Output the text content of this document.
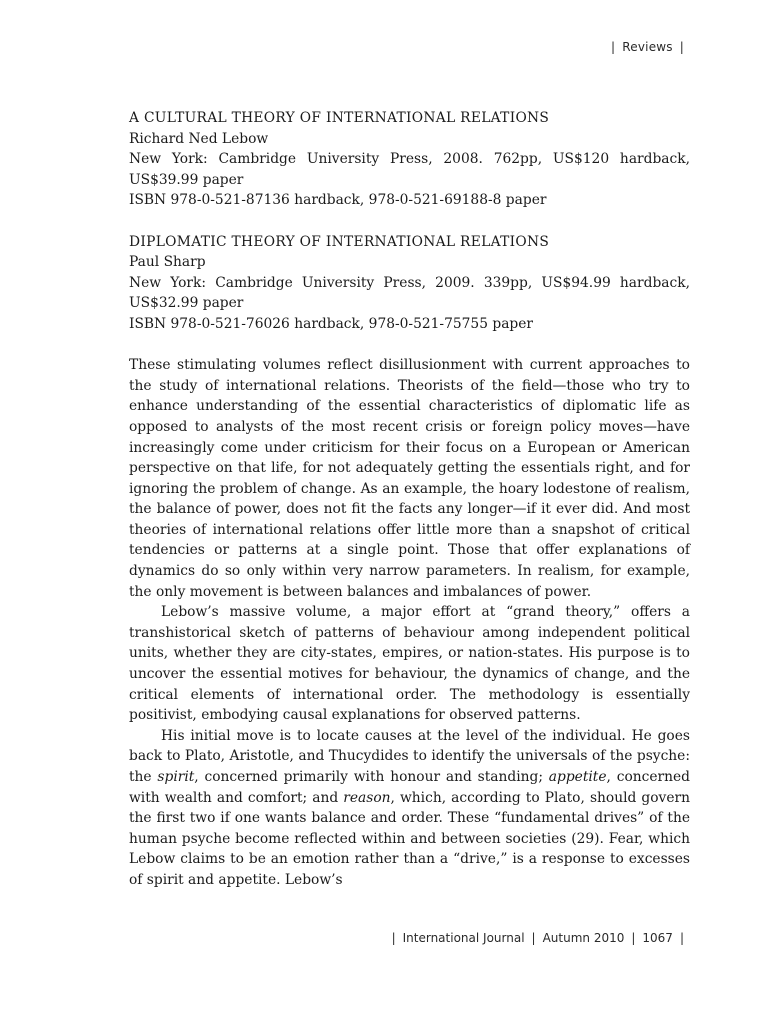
| Reviews |
A CULTURAL THEORY OF INTERNATIONAL RELATIONS
Richard Ned Lebow
New York: Cambridge University Press, 2008. 762pp, US$120 hardback, US$39.99 paper
ISBN 978-0-521-87136 hardback, 978-0-521-69188-8 paper
DIPLOMATIC THEORY OF INTERNATIONAL RELATIONS
Paul Sharp
New York: Cambridge University Press, 2009. 339pp, US$94.99 hardback, US$32.99 paper
ISBN 978-0-521-76026 hardback, 978-0-521-75755 paper

These stimulating volumes reflect disillusionment with current approaches to the study of international relations. Theorists of the field—those who try to enhance understanding of the essential characteristics of diplomatic life as opposed to analysts of the most recent crisis or foreign policy moves—have increasingly come under criticism for their focus on a European or American perspective on that life, for not adequately getting the essentials right, and for ignoring the problem of change. As an example, the hoary lodestone of realism, the balance of power, does not fit the facts any longer—if it ever did. And most theories of international relations offer little more than a snapshot of critical tendencies or patterns at a single point. Those that offer explanations of dynamics do so only within very narrow parameters. In realism, for example, the only movement is between balances and imbalances of power.

Lebow’s massive volume, a major effort at “grand theory,” offers a transhistorical sketch of patterns of behaviour among independent political units, whether they are city-states, empires, or nation-states. His purpose is to uncover the essential motives for behaviour, the dynamics of change, and the critical elements of international order. The methodology is essentially positivist, embodying causal explanations for observed patterns.

His initial move is to locate causes at the level of the individual. He goes back to Plato, Aristotle, and Thucydides to identify the universals of the psyche: the spirit, concerned primarily with honour and standing; appetite, concerned with wealth and comfort; and reason, which, according to Plato, should govern the first two if one wants balance and order. These “fundamental drives” of the human psyche become reflected within and between societies (29). Fear, which Lebow claims to be an emotion rather than a “drive,” is a response to excesses of spirit and appetite. Lebow’s

| International Journal | Autumn 2010 | 1067 |
